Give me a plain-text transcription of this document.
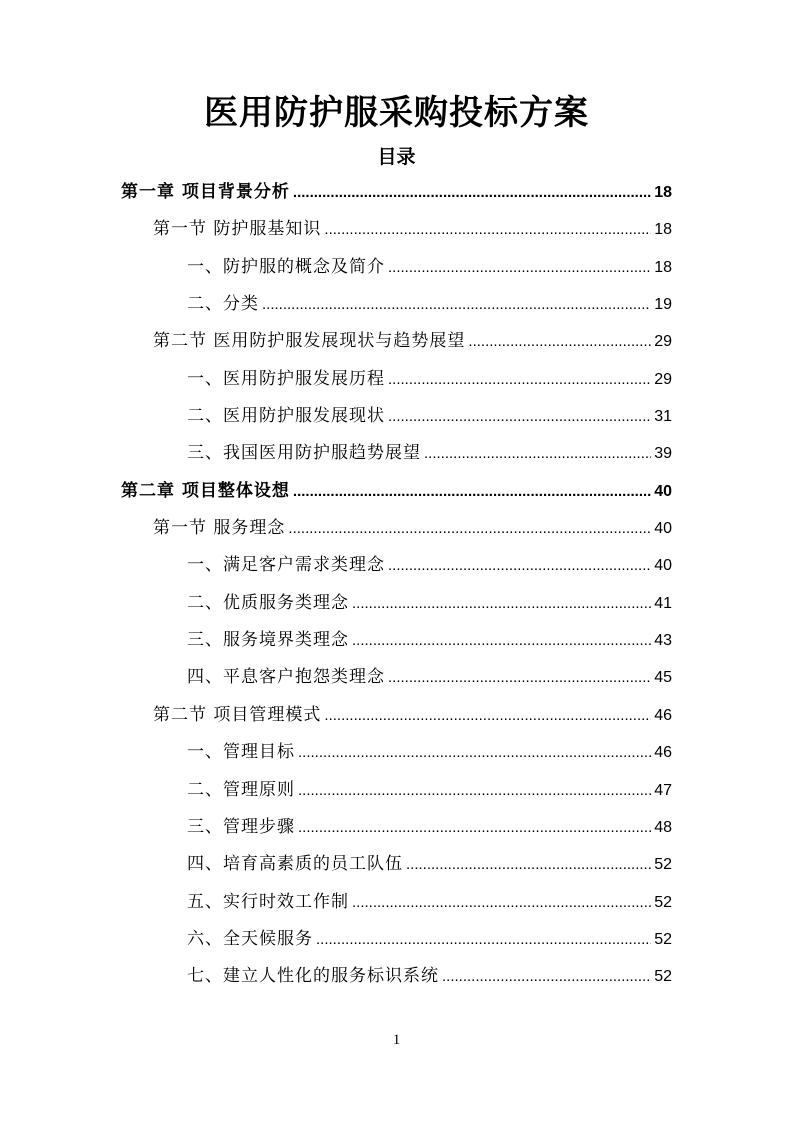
医用防护服采购投标方案
目录
第一章 项目背景分析 .....	18
第一节 防护服基知识 .....	18
一、防护服的概念及简介 .....	18
二、分类 .....	19
第二节 医用防护服发展现状与趋势展望 .....	29
一、医用防护服发展历程 .....	29
二、医用防护服发展现状 .....	31
三、我国医用防护服趋势展望 .....	39
第二章 项目整体设想 .....	40
第一节 服务理念 .....	40
一、满足客户需求类理念 .....	40
二、优质服务类理念 .....	41
三、服务境界类理念 .....	43
四、平息客户抱怨类理念 .....	45
第二节 项目管理模式 .....	46
一、管理目标 .....	46
二、管理原则 .....	47
三、管理步骤 .....	48
四、培育高素质的员工队伍 .....	52
五、实行时效工作制 .....	52
六、全天候服务 .....	52
七、建立人性化的服务标识系统 .....	52
1
